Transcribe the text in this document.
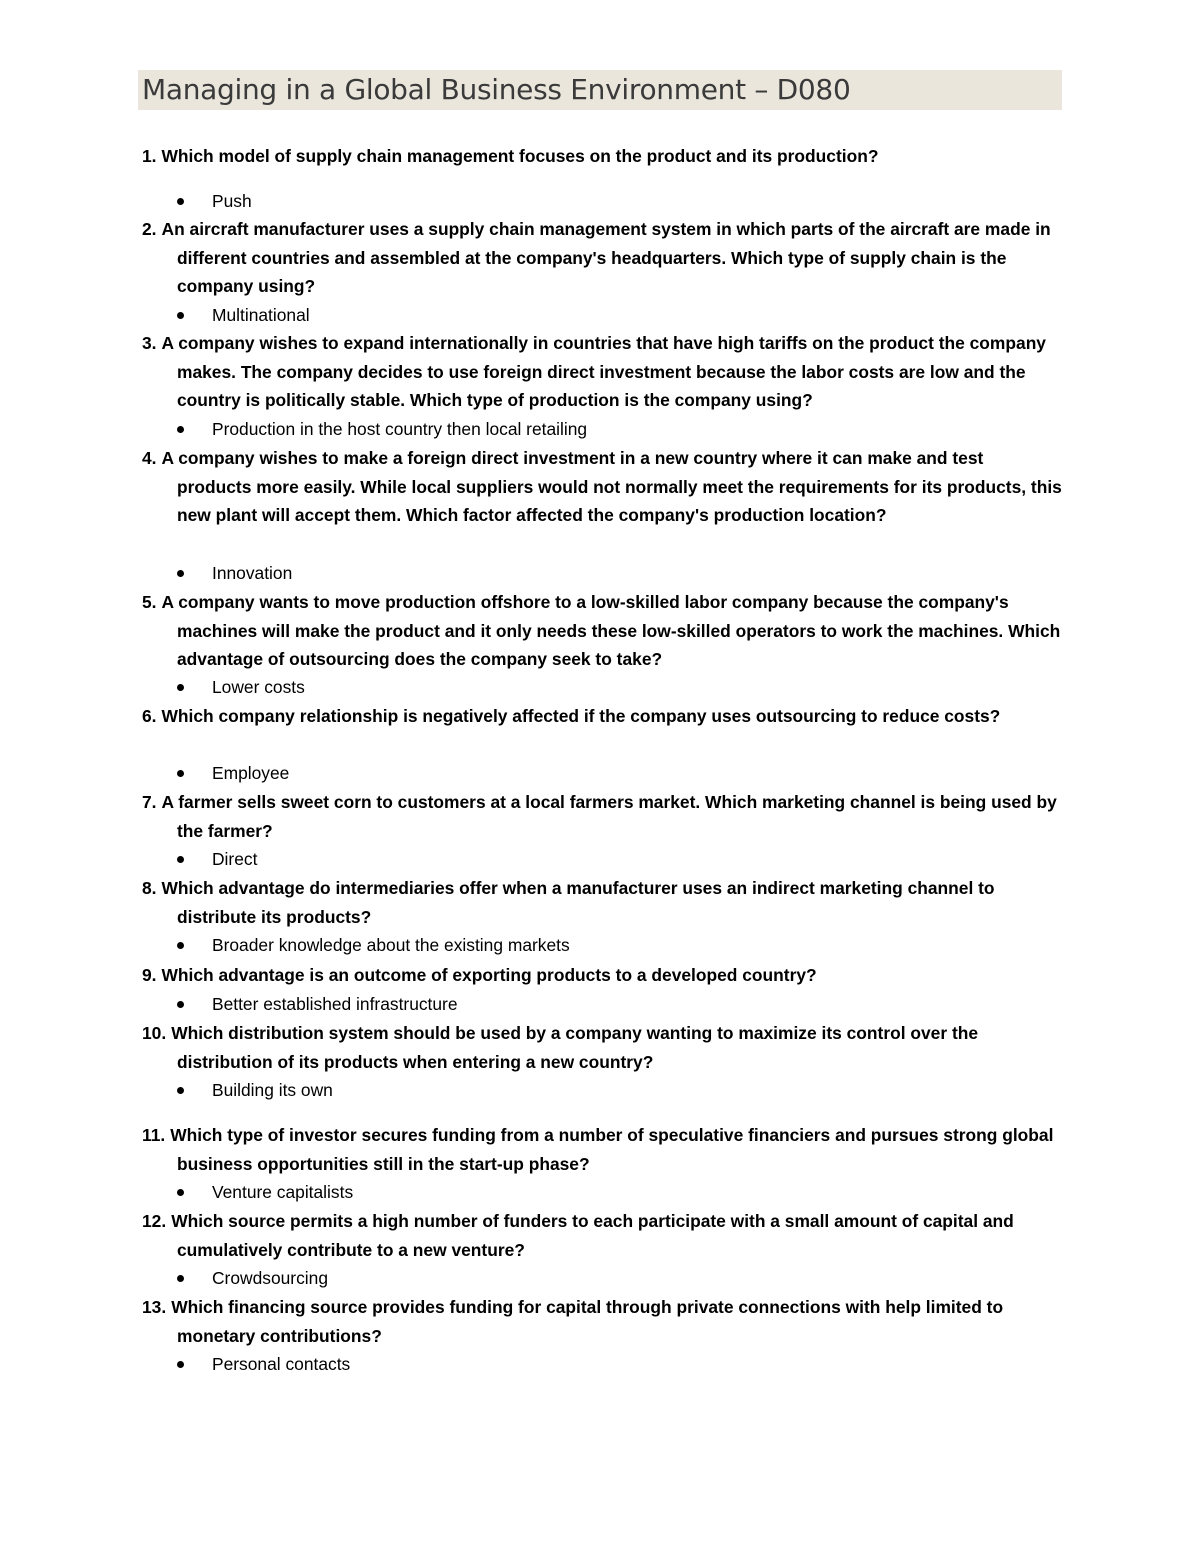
Managing in a Global Business Environment – D080
1. Which model of supply chain management focuses on the product and its production?
Push
2. An aircraft manufacturer uses a supply chain management system in which parts of the aircraft are made in different countries and assembled at the company's headquarters. Which type of supply chain is the company using?
Multinational
3. A company wishes to expand internationally in countries that have high tariffs on the product the company makes. The company decides to use foreign direct investment because the labor costs are low and the country is politically stable. Which type of production is the company using?
Production in the host country then local retailing
4. A company wishes to make a foreign direct investment in a new country where it can make and test products more easily. While local suppliers would not normally meet the requirements for its products, this new plant will accept them. Which factor affected the company's production location?
Innovation
5. A company wants to move production offshore to a low-skilled labor company because the company's machines will make the product and it only needs these low-skilled operators to work the machines. Which advantage of outsourcing does the company seek to take?
Lower costs
6. Which company relationship is negatively affected if the company uses outsourcing to reduce costs?
Employee
7. A farmer sells sweet corn to customers at a local farmers market. Which marketing channel is being used by the farmer?
Direct
8. Which advantage do intermediaries offer when a manufacturer uses an indirect marketing channel to distribute its products?
Broader knowledge about the existing markets
9. Which advantage is an outcome of exporting products to a developed country?
Better established infrastructure
10. Which distribution system should be used by a company wanting to maximize its control over the distribution of its products when entering a new country?
Building its own
11. Which type of investor secures funding from a number of speculative financiers and pursues strong global business opportunities still in the start-up phase?
Venture capitalists
12. Which source permits a high number of funders to each participate with a small amount of capital and cumulatively contribute to a new venture?
Crowdsourcing
13. Which financing source provides funding for capital through private connections with help limited to monetary contributions?
Personal contacts
